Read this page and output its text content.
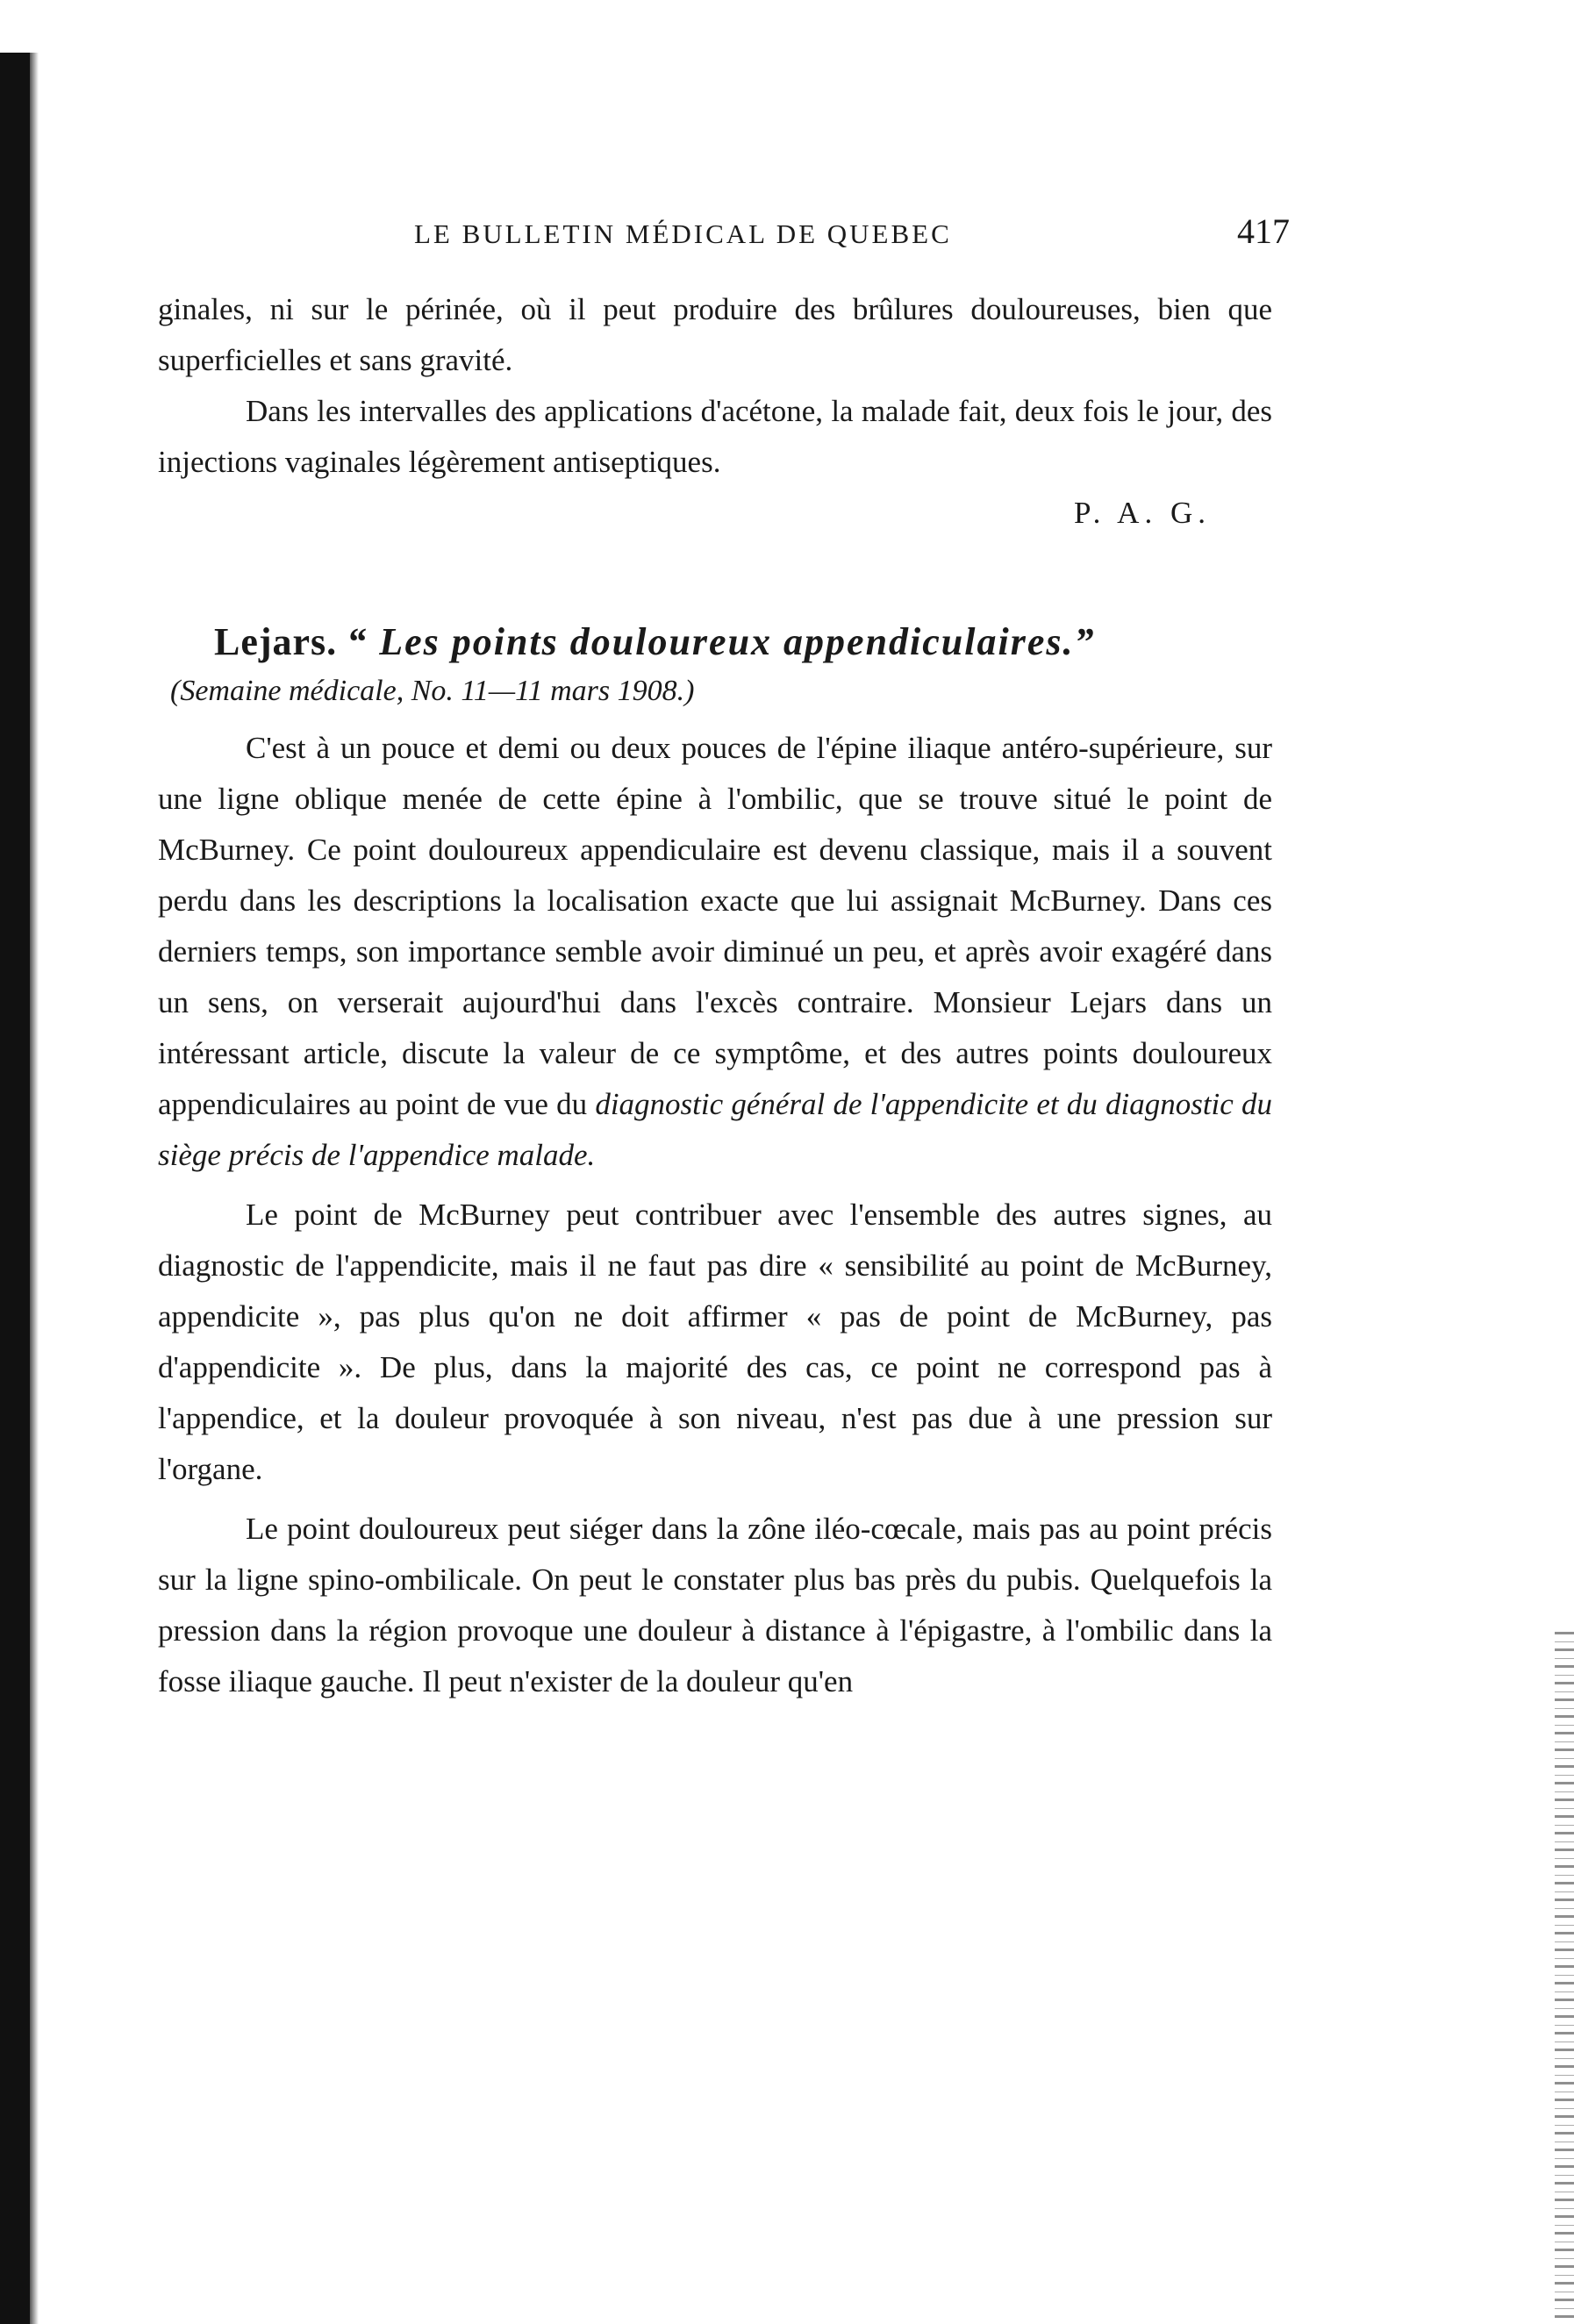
LE BULLETIN MÉDICAL DE QUEBEC	417

ginales, ni sur le périnée, où il peut produire des brûlures douloureuses, bien que superficielles et sans gravité.

Dans les intervalles des applications d'acétone, la malade fait, deux fois le jour, des injections vaginales légèrement antiseptiques.

P. A. G.
Lejars. “ Les points douloureux appendiculaires.”
(Semaine médicale, No. 11—11 mars 1908.)

C'est à un pouce et demi ou deux pouces de l'épine iliaque antéro-supérieure, sur une ligne oblique menée de cette épine à l'ombilic, que se trouve situé le point de McBurney. Ce point douloureux appendiculaire est devenu classique, mais il a souvent perdu dans les descriptions la localisation exacte que lui assignait McBurney. Dans ces derniers temps, son importance semble avoir diminué un peu, et après avoir exagéré dans un sens, on verserait aujourd'hui dans l'excès contraire. Monsieur Lejars dans un intéressant article, discute la valeur de ce symptôme, et des autres points douloureux appendiculaires au point de vue du diagnostic général de l'appendicite et du diagnostic du siège précis de l'appendice malade.

Le point de McBurney peut contribuer avec l'ensemble des autres signes, au diagnostic de l'appendicite, mais il ne faut pas dire « sensibilité au point de McBurney, appendicite », pas plus qu'on ne doit affirmer « pas de point de McBurney, pas d'appendicite ». De plus, dans la majorité des cas, ce point ne correspond pas à l'appendice, et la douleur provoquée à son niveau, n'est pas due à une pression sur l'organe.

Le point douloureux peut siéger dans la zône iléo-cœcale, mais pas au point précis sur la ligne spino-ombilicale. On peut le constater plus bas près du pubis. Quelquefois la pression dans la région provoque une douleur à distance à l'épigastre, à l'ombilic dans la fosse iliaque gauche. Il peut n'exister de la douleur qu'en
